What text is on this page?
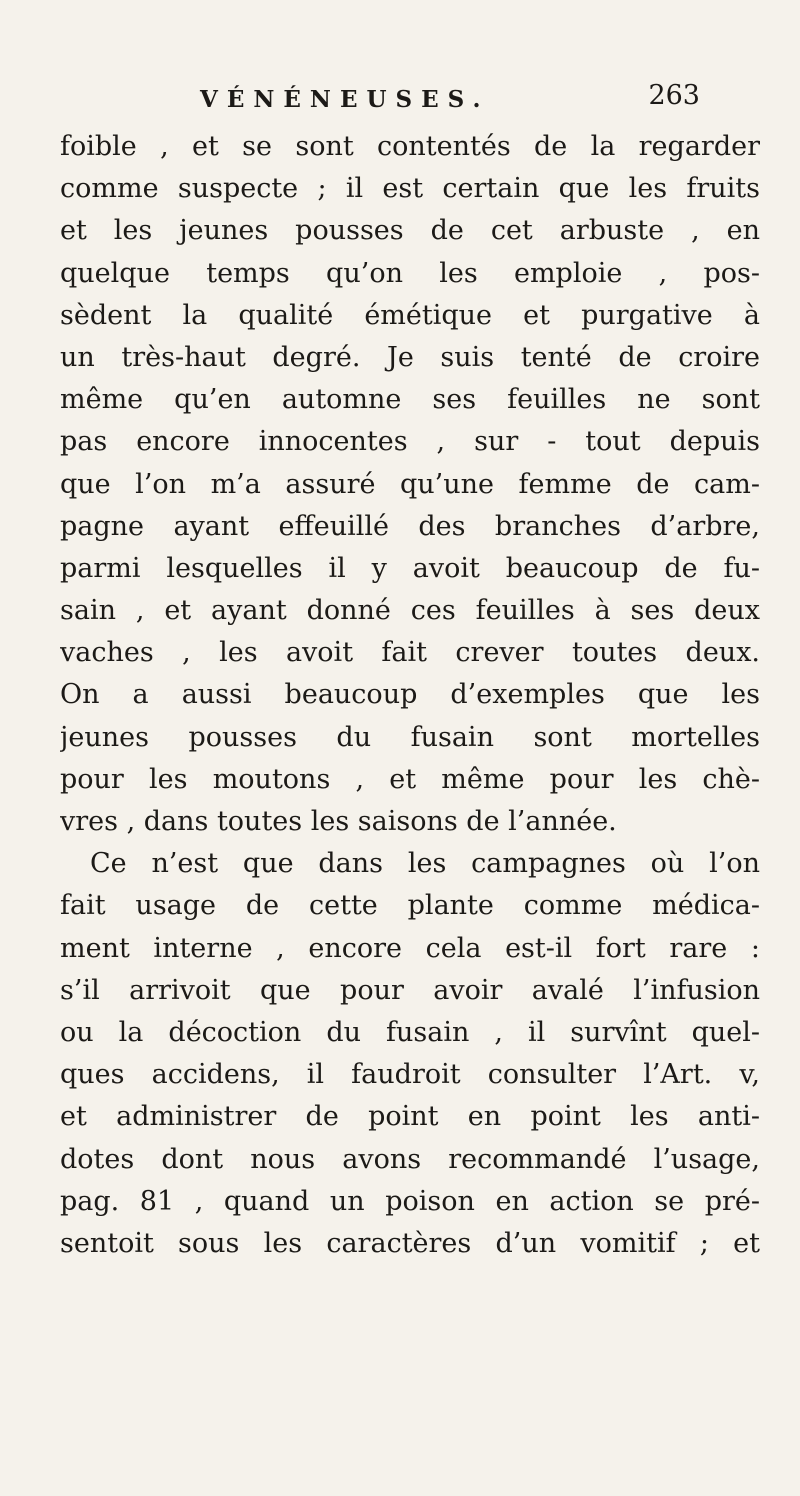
VÉNÉNEUSES.	263
foible , et se sont contentés de la regarder
comme suspecte ; il est certain que les fruits
et les jeunes pousses de cet arbuste , en
quelque temps qu’on les emploie , pos-
sèdent la qualité émétique et purgative à
un très-haut degré. Je suis tenté de croire
même qu’en automne ses feuilles ne sont
pas encore innocentes , sur - tout depuis
que l’on m’a assuré qu’une femme de cam-
pagne ayant effeuillé des branches d’arbre,
parmi lesquelles il y avoit beaucoup de fu-
sain , et ayant donné ces feuilles à ses deux
vaches , les avoit fait crever toutes deux.
On a aussi beaucoup d’exemples que les
jeunes pousses du fusain sont mortelles
pour les moutons , et même pour les chè-
vres , dans toutes les saisons de l’année.
Ce n’est que dans les campagnes où l’on
fait usage de cette plante comme médica-
ment interne , encore cela est-il fort rare :
s’il arrivoit que pour avoir avalé l’infusion
ou la décoction du fusain , il survînt quel-
ques accidens, il faudroit consulter l’Art. v,
et administrer de point en point les anti-
dotes dont nous avons recommandé l’usage,
pag. 81 , quand un poison en action se pré-
sentoit sous les caractères d’un vomitif ; et
